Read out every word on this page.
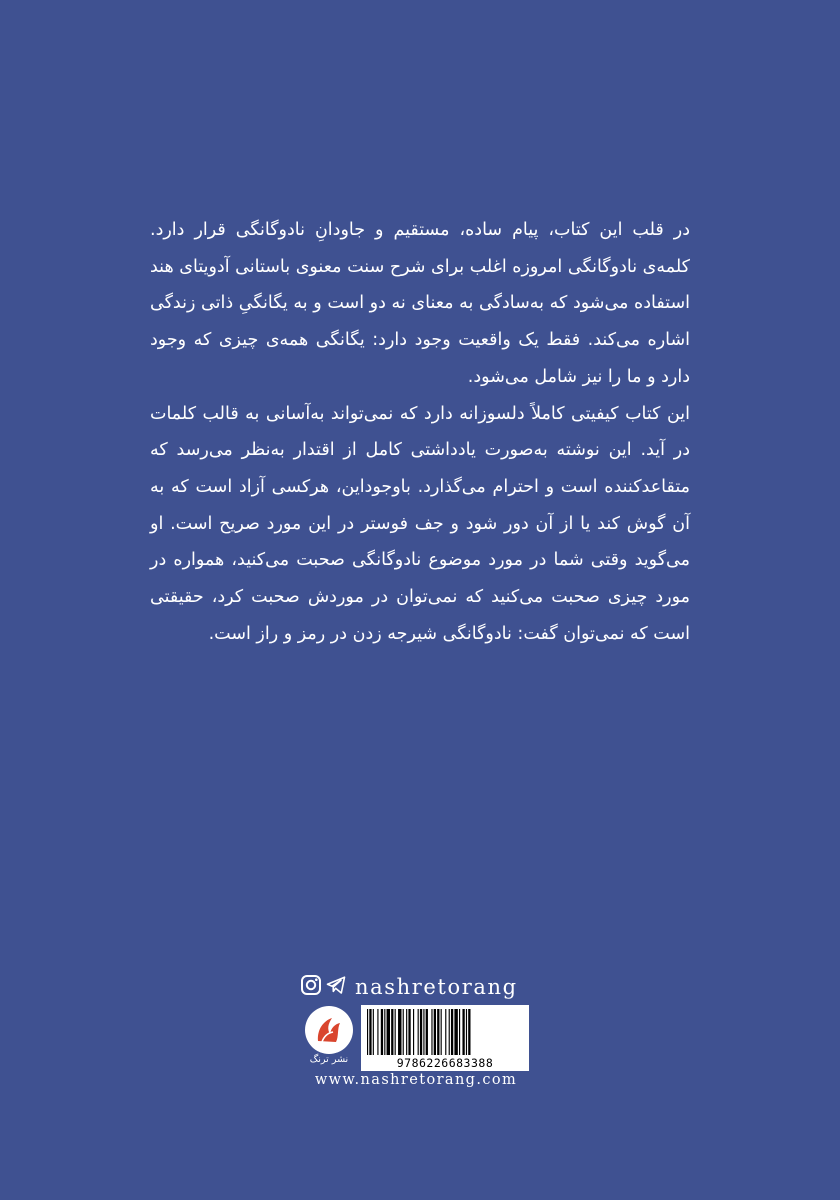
در قلب این کتاب، پیام ساده، مستقیم و جاودانِ نادوگانگی قرار دارد. کلمه‌ی نادوگانگی امروزه اغلب برای شرح سنت معنوی باستانی آدویتای هند استفاده می‌شود که به‌سادگی به معنای نه دو است و به یگانگیِ ذاتی زندگی اشاره می‌کند. فقط یک واقعیت وجود دارد: یگانگی همه‌ی چیزی که وجود دارد و ما را نیز شامل می‌شود.

این کتاب کیفیتی کاملاً دلسوزانه دارد که نمی‌تواند به‌آسانی به قالب کلمات در آید. این نوشته به‌صورت یادداشتی کامل از اقتدار به‌نظر می‌رسد که متقاعدکننده است و احترام می‌گذارد. باوجوداین، هرکسی آزاد است که به آن گوش کند یا از آن دور شود و جف فوستر در این مورد صریح است. او می‌گوید وقتی شما در مورد موضوع نادوگانگی صحبت می‌کنید، همواره در مورد چیزی صحبت می‌کنید که نمی‌توان در موردش صحبت کرد، حقیقتی است که نمی‌توان گفت: نادوگانگی شیرجه زدن در رمز و راز است.

nashretorang
نشر ترنگ	9786226683388
www.nashretorang.com
